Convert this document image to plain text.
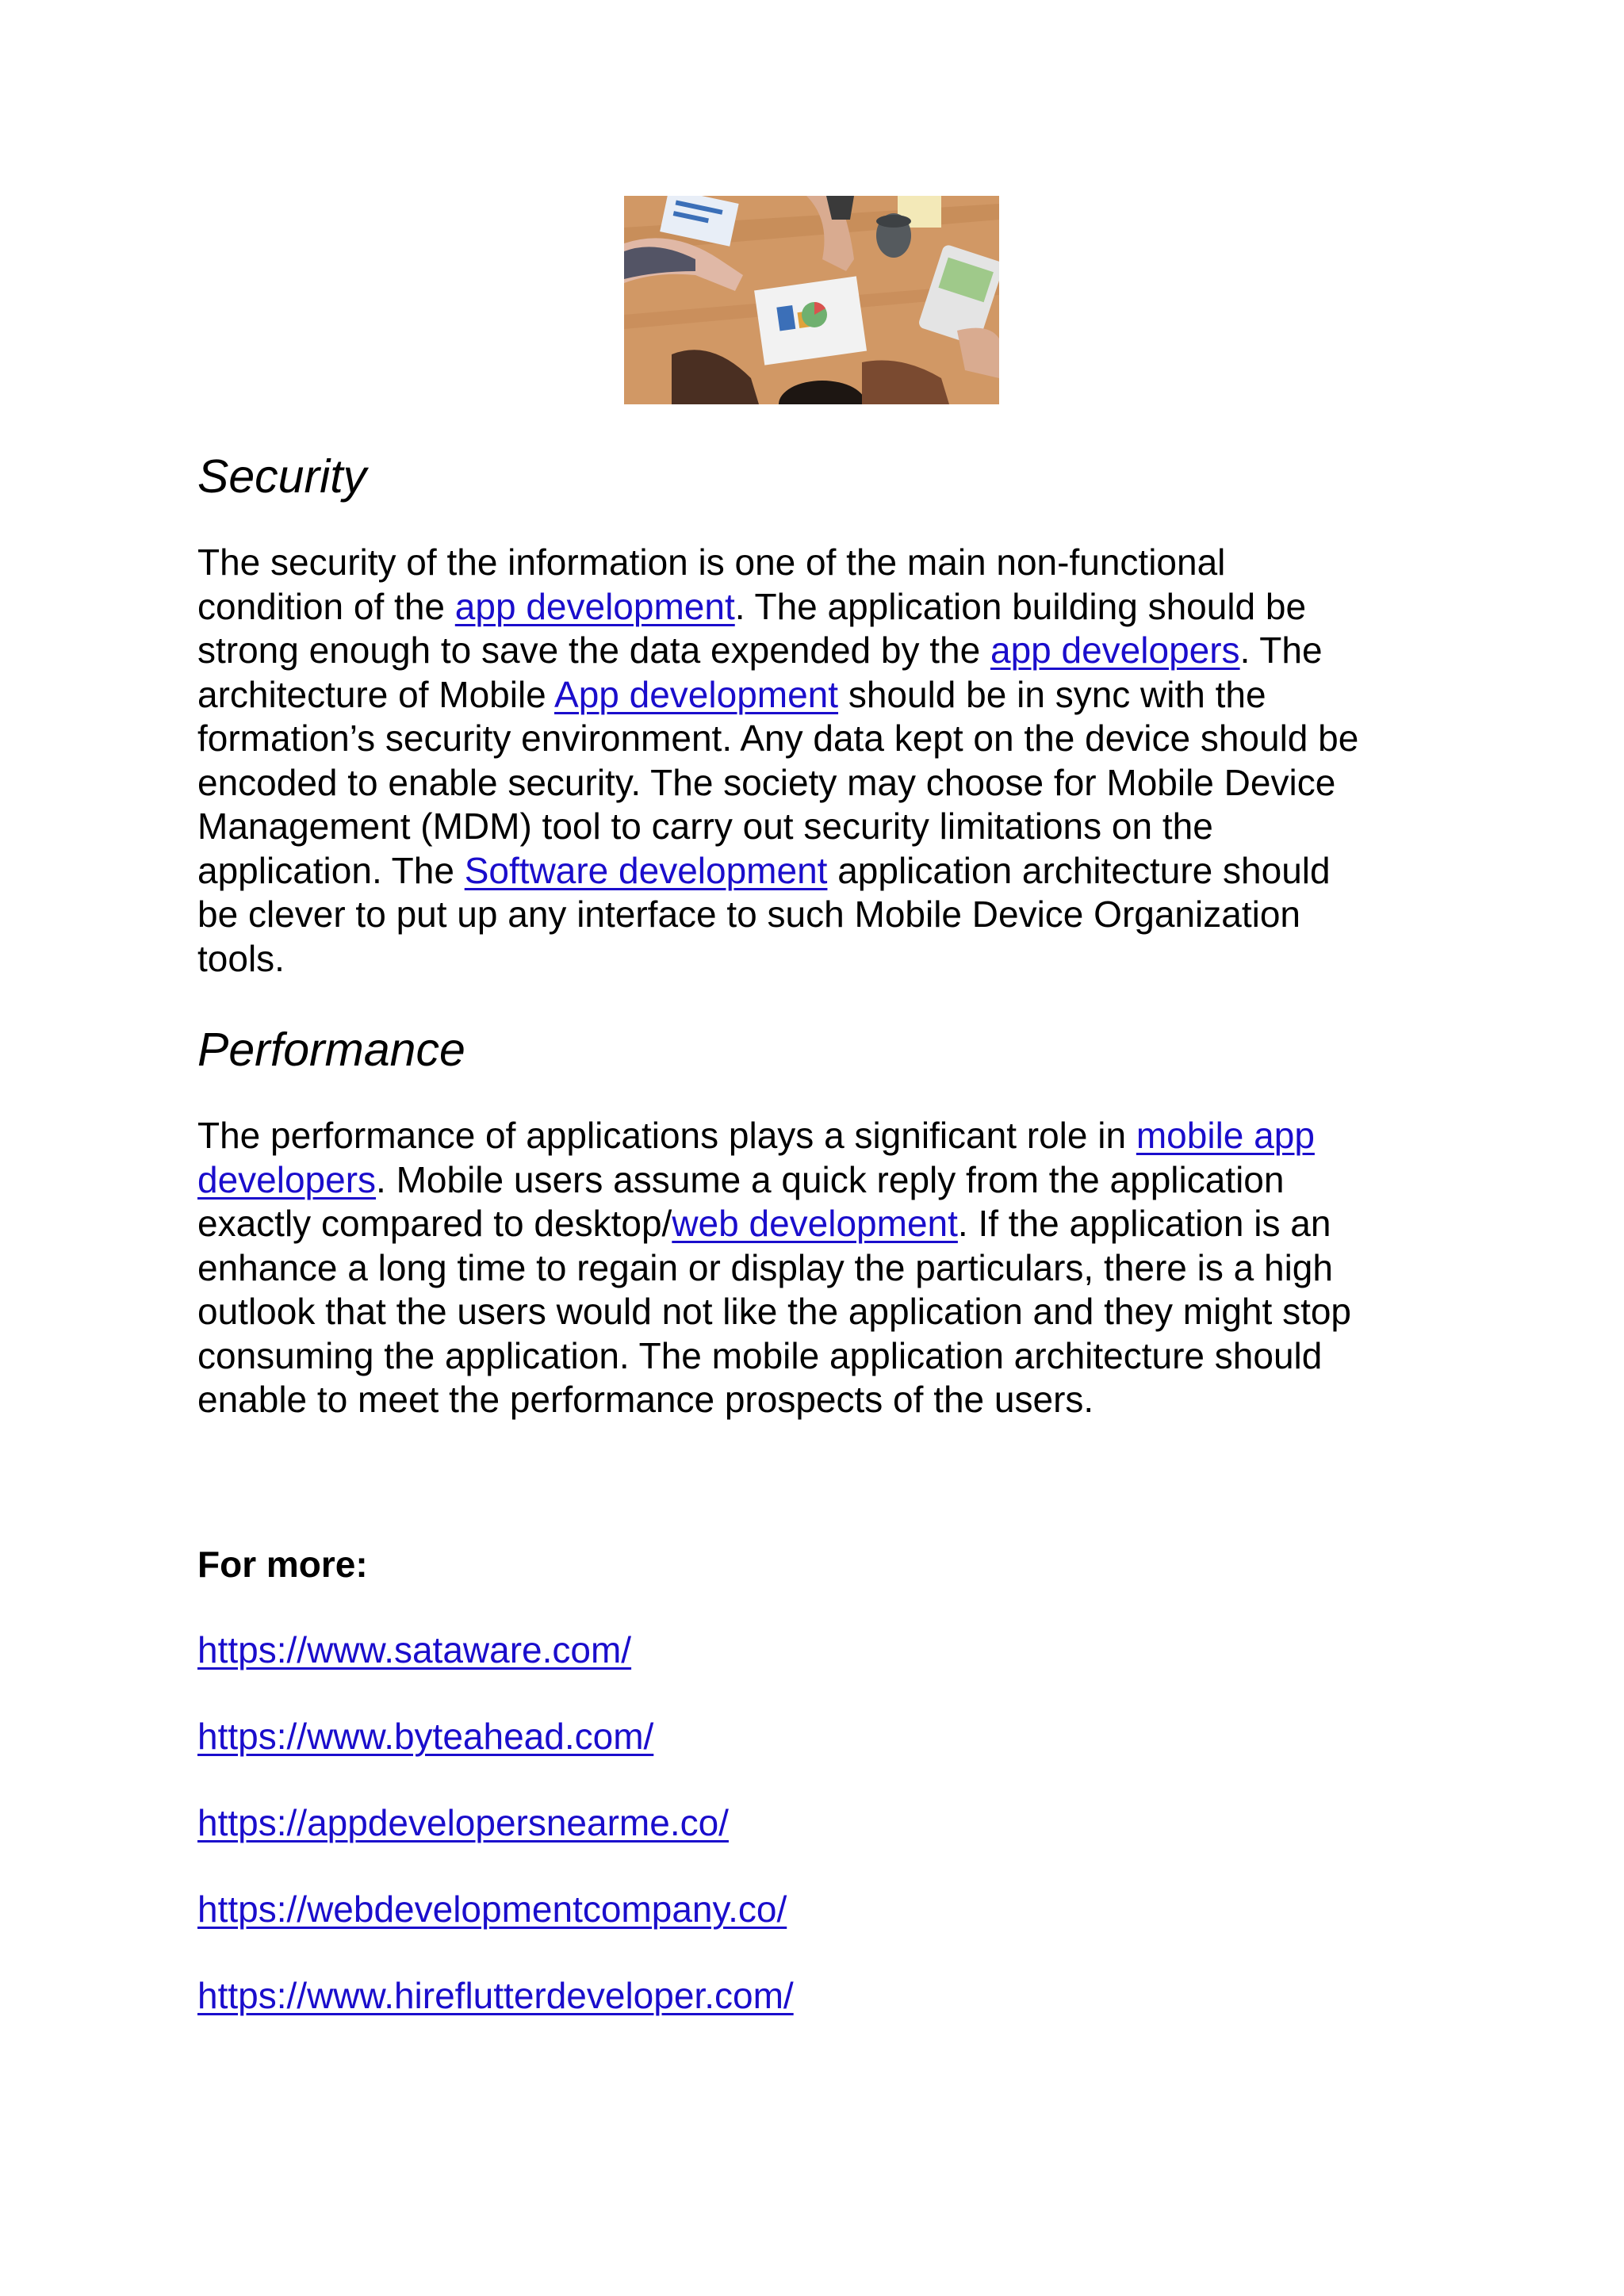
Security

The security of the information is one of the main non-functional
condition of the app development. The application building should be
strong enough to save the data expended by the app developers. The
architecture of Mobile App development should be in sync with the
formation’s security environment. Any data kept on the device should be
encoded to enable security. The society may choose for Mobile Device
Management (MDM) tool to carry out security limitations on the
application. The Software development application architecture should
be clever to put up any interface to such Mobile Device Organization
tools.

Performance

The performance of applications plays a significant role in mobile app
developers. Mobile users assume a quick reply from the application
exactly compared to desktop/web development. If the application is an
enhance a long time to regain or display the particulars, there is a high
outlook that the users would not like the application and they might stop
consuming the application. The mobile application architecture should
enable to meet the performance prospects of the users.

For more:

https://www.sataware.com/
https://www.byteahead.com/
https://appdevelopersnearme.co/
https://webdevelopmentcompany.co/
https://www.hireflutterdeveloper.com/
